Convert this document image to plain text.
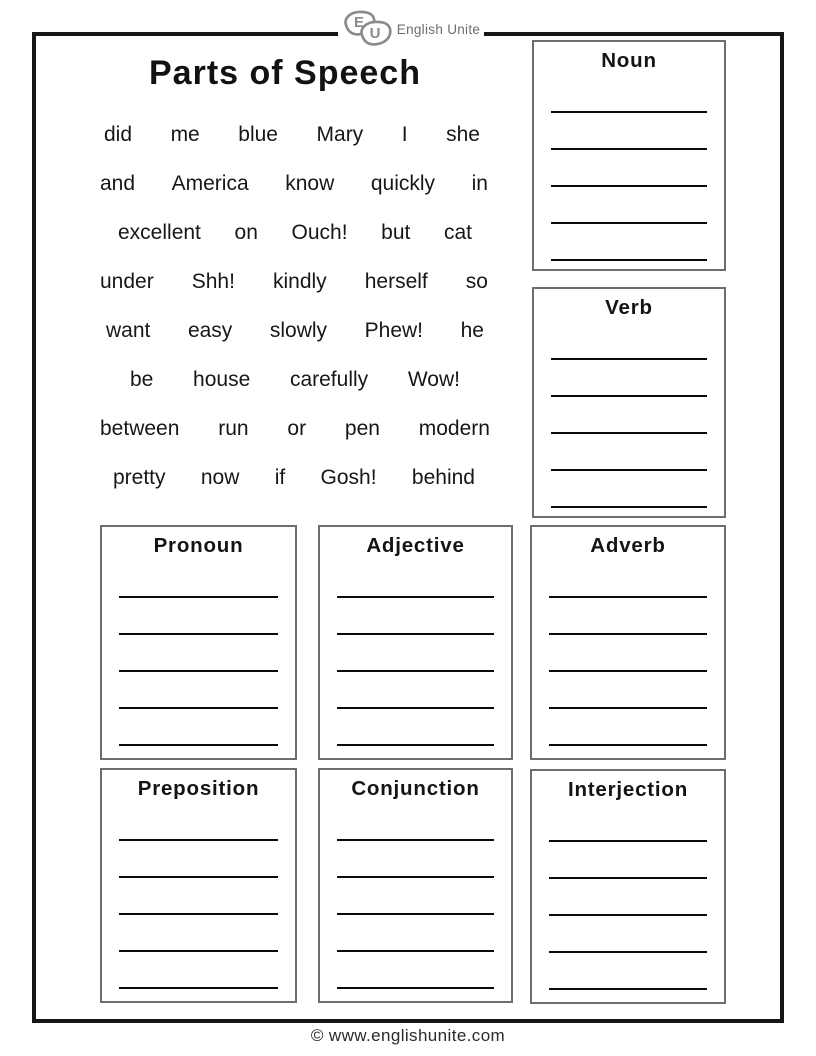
E
U English Unite
Parts of Speech
did me blue Mary I she
and America know quickly in
excellent on Ouch! but cat
under Shh! kindly herself so
want easy slowly Phew! he
be house carefully Wow!
between run or pen modern
pretty now if Gosh! behind
Noun
Verb
Pronoun	Adjective	Adverb
Preposition	Conjunction	Interjection
© www.englishunite.com
